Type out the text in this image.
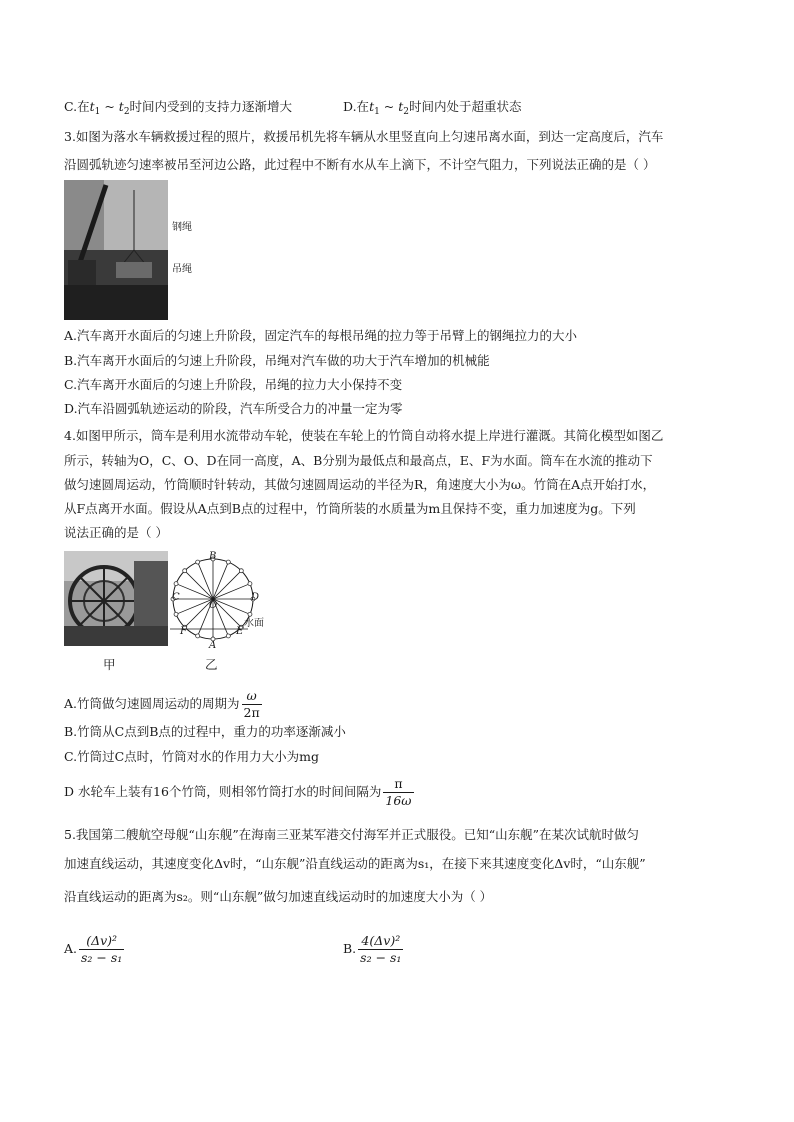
C.在$t_1$ ~ $t_2$时间内受到的支持力逐渐增大	D.在$t_1$ ~ $t_2$时间内处于超重状态
3.如图为落水车辆救援过程的照片，救援吊机先将车辆从水里竖直向上匀速吊离水面，到达一定高度后，汽车
沿圆弧轨迹匀速率被吊至河边公路，此过程中不断有水从车上滴下，不计空气阻力，下列说法正确的是（ ）
钢绳
吊绳
A.汽车离开水面后的匀速上升阶段，固定汽车的每根吊绳的拉力等于吊臂上的钢绳拉力的大小
B.汽车离开水面后的匀速上升阶段，吊绳对汽车做的功大于汽车增加的机械能
C.汽车离开水面后的匀速上升阶段，吊绳的拉力大小保持不变
D.汽车沿圆弧轨迹运动的阶段，汽车所受合力的冲量一定为零
4.如图甲所示，筒车是利用水流带动车轮，使装在车轮上的竹筒自动将水提上岸进行灌溉。其简化模型如图乙
所示，转轴为O，C、O、D在同一高度，A、B分别为最低点和最高点，E、F为水面。筒车在水流的推动下
做匀速圆周运动，竹筒顺时针转动，其做匀速圆周运动的半径为R，角速度大小为ω。竹筒在A点开始打水，
从F点离开水面。假设从A点到B点的过程中，竹筒所装的水质量为m且保持不变，重力加速度为g。下列
说法正确的是（ ）
甲
B
C	D
O
A
E
F
水面
乙
A.竹筒做匀速圆周运动的周期为 $\frac{\omega}{2\pi}$
B.竹筒从C点到B点的过程中，重力的功率逐渐减小
C.竹筒过C点时，竹筒对水的作用力大小为mg
D 水轮车上装有16个竹筒，则相邻竹筒打水的时间间隔为 $\frac{\pi}{16\omega}$
5.我国第二艘航空母舰“山东舰”在海南三亚某军港交付海军并正式服役。已知“山东舰”在某次试航时做匀
加速直线运动，其速度变化Δv时，“山东舰”沿直线运动的距离为s₁，在接下来其速度变化Δv时，“山东舰”
沿直线运动的距离为s₂。则“山东舰”做匀加速直线运动时的加速度大小为（ ）
A. $\frac{\text{(Δv)²}}{\text{s₂ − s₁}}$	B. $\frac{\text{4(Δv)²}}{\text{s₂ − s₁}}$
